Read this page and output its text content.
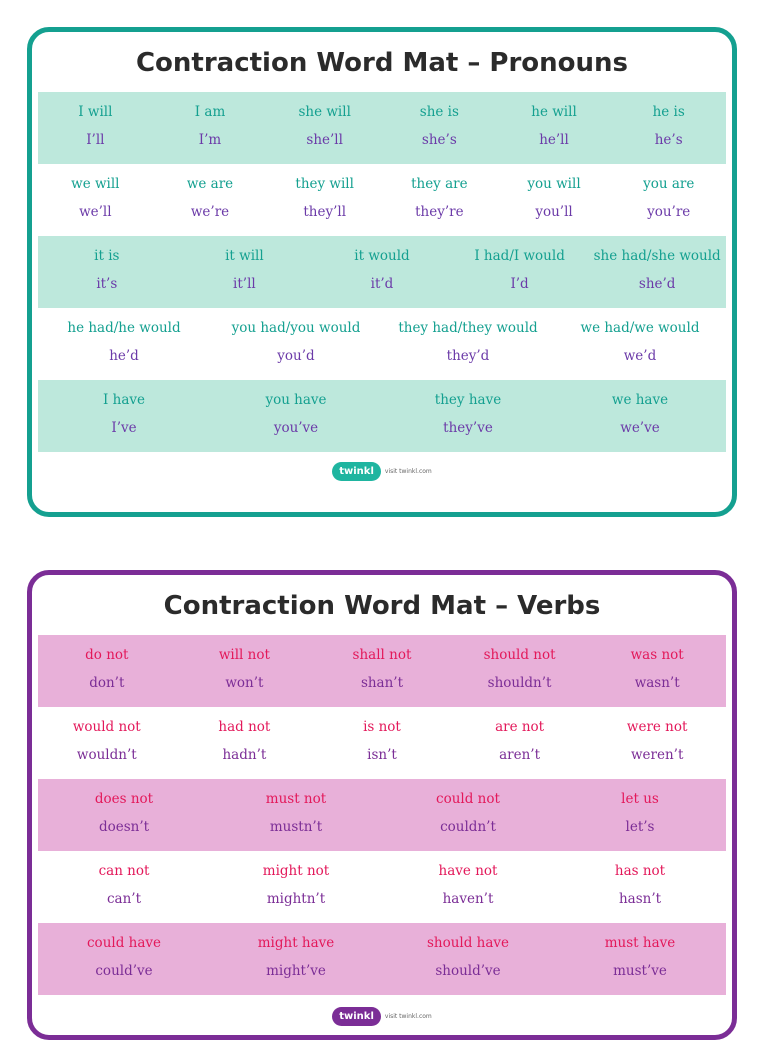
Contraction Word Mat – Pronouns
I will
I’ll
I am
I’m
she will
she’ll
she is
she’s
he will
he’ll
he is
he’s
we will
we’ll
we are
we’re
they will
they’ll
they are
they’re
you will
you’ll
you are
you’re
it is
it’s
it will
it’ll
it would
it’d
I had/I would
I’d
she had/she would
she’d
he had/he would
he’d
you had/you would
you’d
they had/they would
they’d
we had/we would
we’d
I have
I’ve
you have
you’ve
they have
they’ve
we have
we’ve
twinkl	visit twinkl.com
Contraction Word Mat – Verbs
do not
don’t
will not
won’t
shall not
shan’t
should not
shouldn’t
was not
wasn’t
would not
wouldn’t
had not
hadn’t
is not
isn’t
are not
aren’t
were not
weren’t
does not
doesn’t
must not
mustn’t
could not
couldn’t
let us
let’s
can not
can’t
might not
mightn’t
have not
haven’t
has not
hasn’t
could have
could’ve
might have
might’ve
should have
should’ve
must have
must’ve
twinkl	visit twinkl.com
